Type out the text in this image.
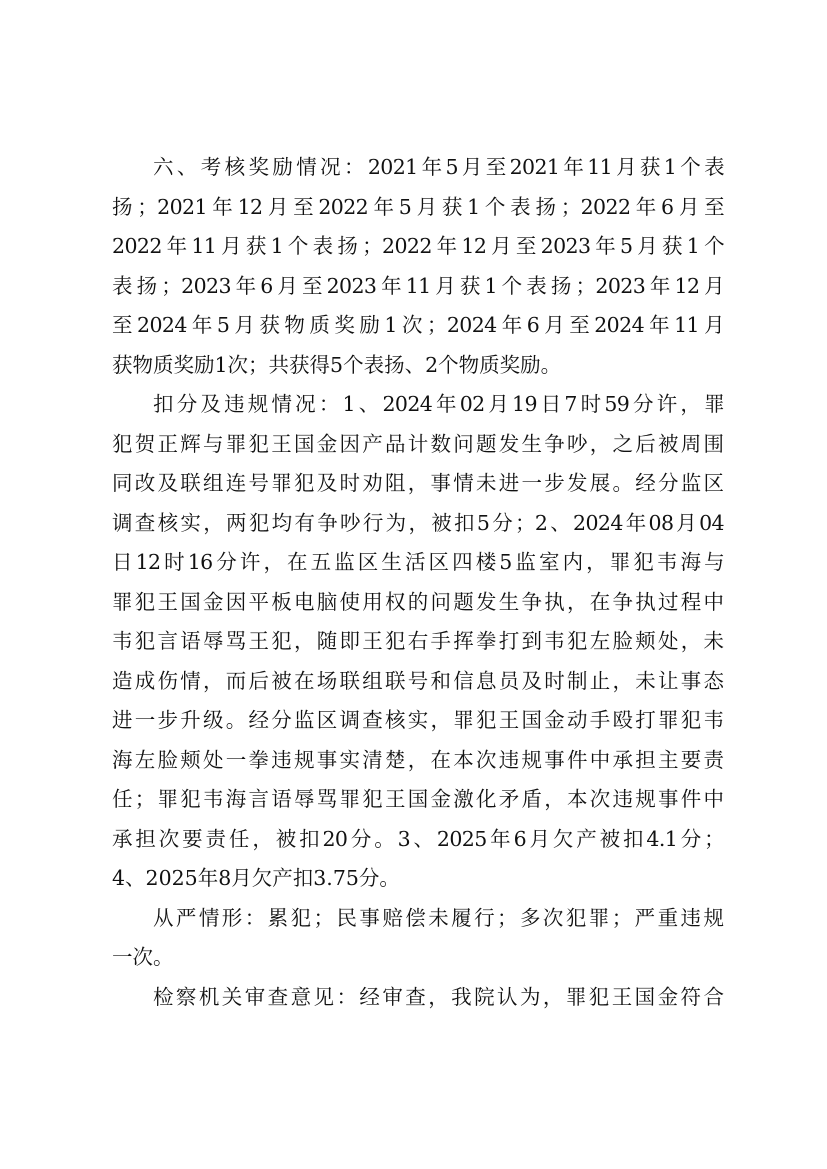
六、考核奖励情况：2021年5月至2021年11月获1个表
扬；2021年12月至2022年5月获1个表扬；2022年6月至
2022年11月获1个表扬；2022年12月至2023年5月获1个
表扬；2023年6月至2023年11月获1个表扬；2023年12月
至2024年5月获物质奖励1次；2024年6月至2024年11月
获物质奖励1次；共获得5个表扬、2个物质奖励。
扣分及违规情况：1、2024年02月19日7时59分许，罪
犯贺正辉与罪犯王国金因产品计数问题发生争吵，之后被周围
同改及联组连号罪犯及时劝阻，事情未进一步发展。经分监区
调查核实，两犯均有争吵行为，被扣5分；2、2024年08月04
日12时16分许，在五监区生活区四楼5监室内，罪犯韦海与
罪犯王国金因平板电脑使用权的问题发生争执，在争执过程中
韦犯言语辱骂王犯，随即王犯右手挥拳打到韦犯左脸颊处，未
造成伤情，而后被在场联组联号和信息员及时制止，未让事态
进一步升级。经分监区调查核实，罪犯王国金动手殴打罪犯韦
海左脸颊处一拳违规事实清楚，在本次违规事件中承担主要责
任；罪犯韦海言语辱骂罪犯王国金激化矛盾，本次违规事件中
承担次要责任，被扣20分。3、2025年6月欠产被扣4.1分；
4、2025年8月欠产扣3.75分。
从严情形：累犯；民事赔偿未履行；多次犯罪；严重违规
一次。
检察机关审查意见：经审查，我院认为，罪犯王国金符合
